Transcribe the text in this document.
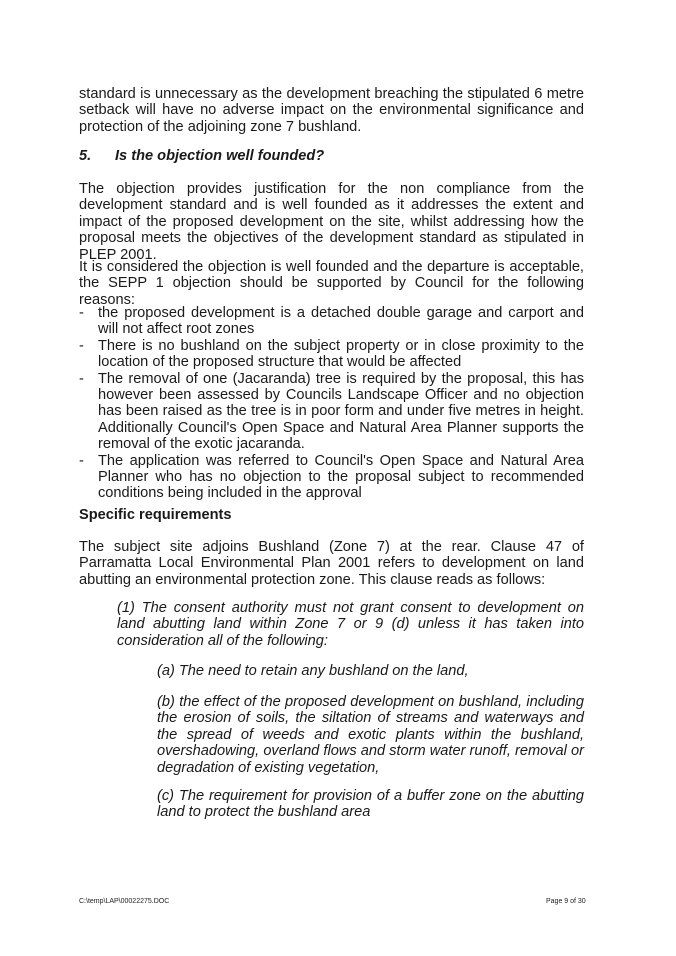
standard is unnecessary as the development breaching the stipulated 6 metre setback will have no adverse impact on the environmental significance and protection of the adjoining zone 7 bushland.

5. Is the objection well founded?

The objection provides justification for the non compliance from the development standard and is well founded as it addresses the extent and impact of the proposed development on the site, whilst addressing how the proposal meets the objectives of the development standard as stipulated in PLEP 2001.

It is considered the objection is well founded and the departure is acceptable, the SEPP 1 objection should be supported by Council for the following reasons:

- the proposed development is a detached double garage and carport and will not affect root zones
- There is no bushland on the subject property or in close proximity to the location of the proposed structure that would be affected
- The removal of one (Jacaranda) tree is required by the proposal, this has however been assessed by Councils Landscape Officer and no objection has been raised as the tree is in poor form and under five metres in height. Additionally Council's Open Space and Natural Area Planner supports the removal of the exotic jacaranda.
- The application was referred to Council's Open Space and Natural Area Planner who has no objection to the proposal subject to recommended conditions being included in the approval
Specific requirements

The subject site adjoins Bushland (Zone 7) at the rear. Clause 47 of Parramatta Local Environmental Plan 2001 refers to development on land abutting an environmental protection zone. This clause reads as follows:

(1) The consent authority must not grant consent to development on land abutting land within Zone 7 or 9 (d) unless it has taken into consideration all of the following:

(a) The need to retain any bushland on the land,

(b) the effect of the proposed development on bushland, including the erosion of soils, the siltation of streams and waterways and the spread of weeds and exotic plants within the bushland, overshadowing, overland flows and storm water runoff, removal or degradation of existing vegetation,

(c) The requirement for provision of a buffer zone on the abutting land to protect the bushland area

C:\temp\LAP\00022275.DOC	Page 9 of 30
